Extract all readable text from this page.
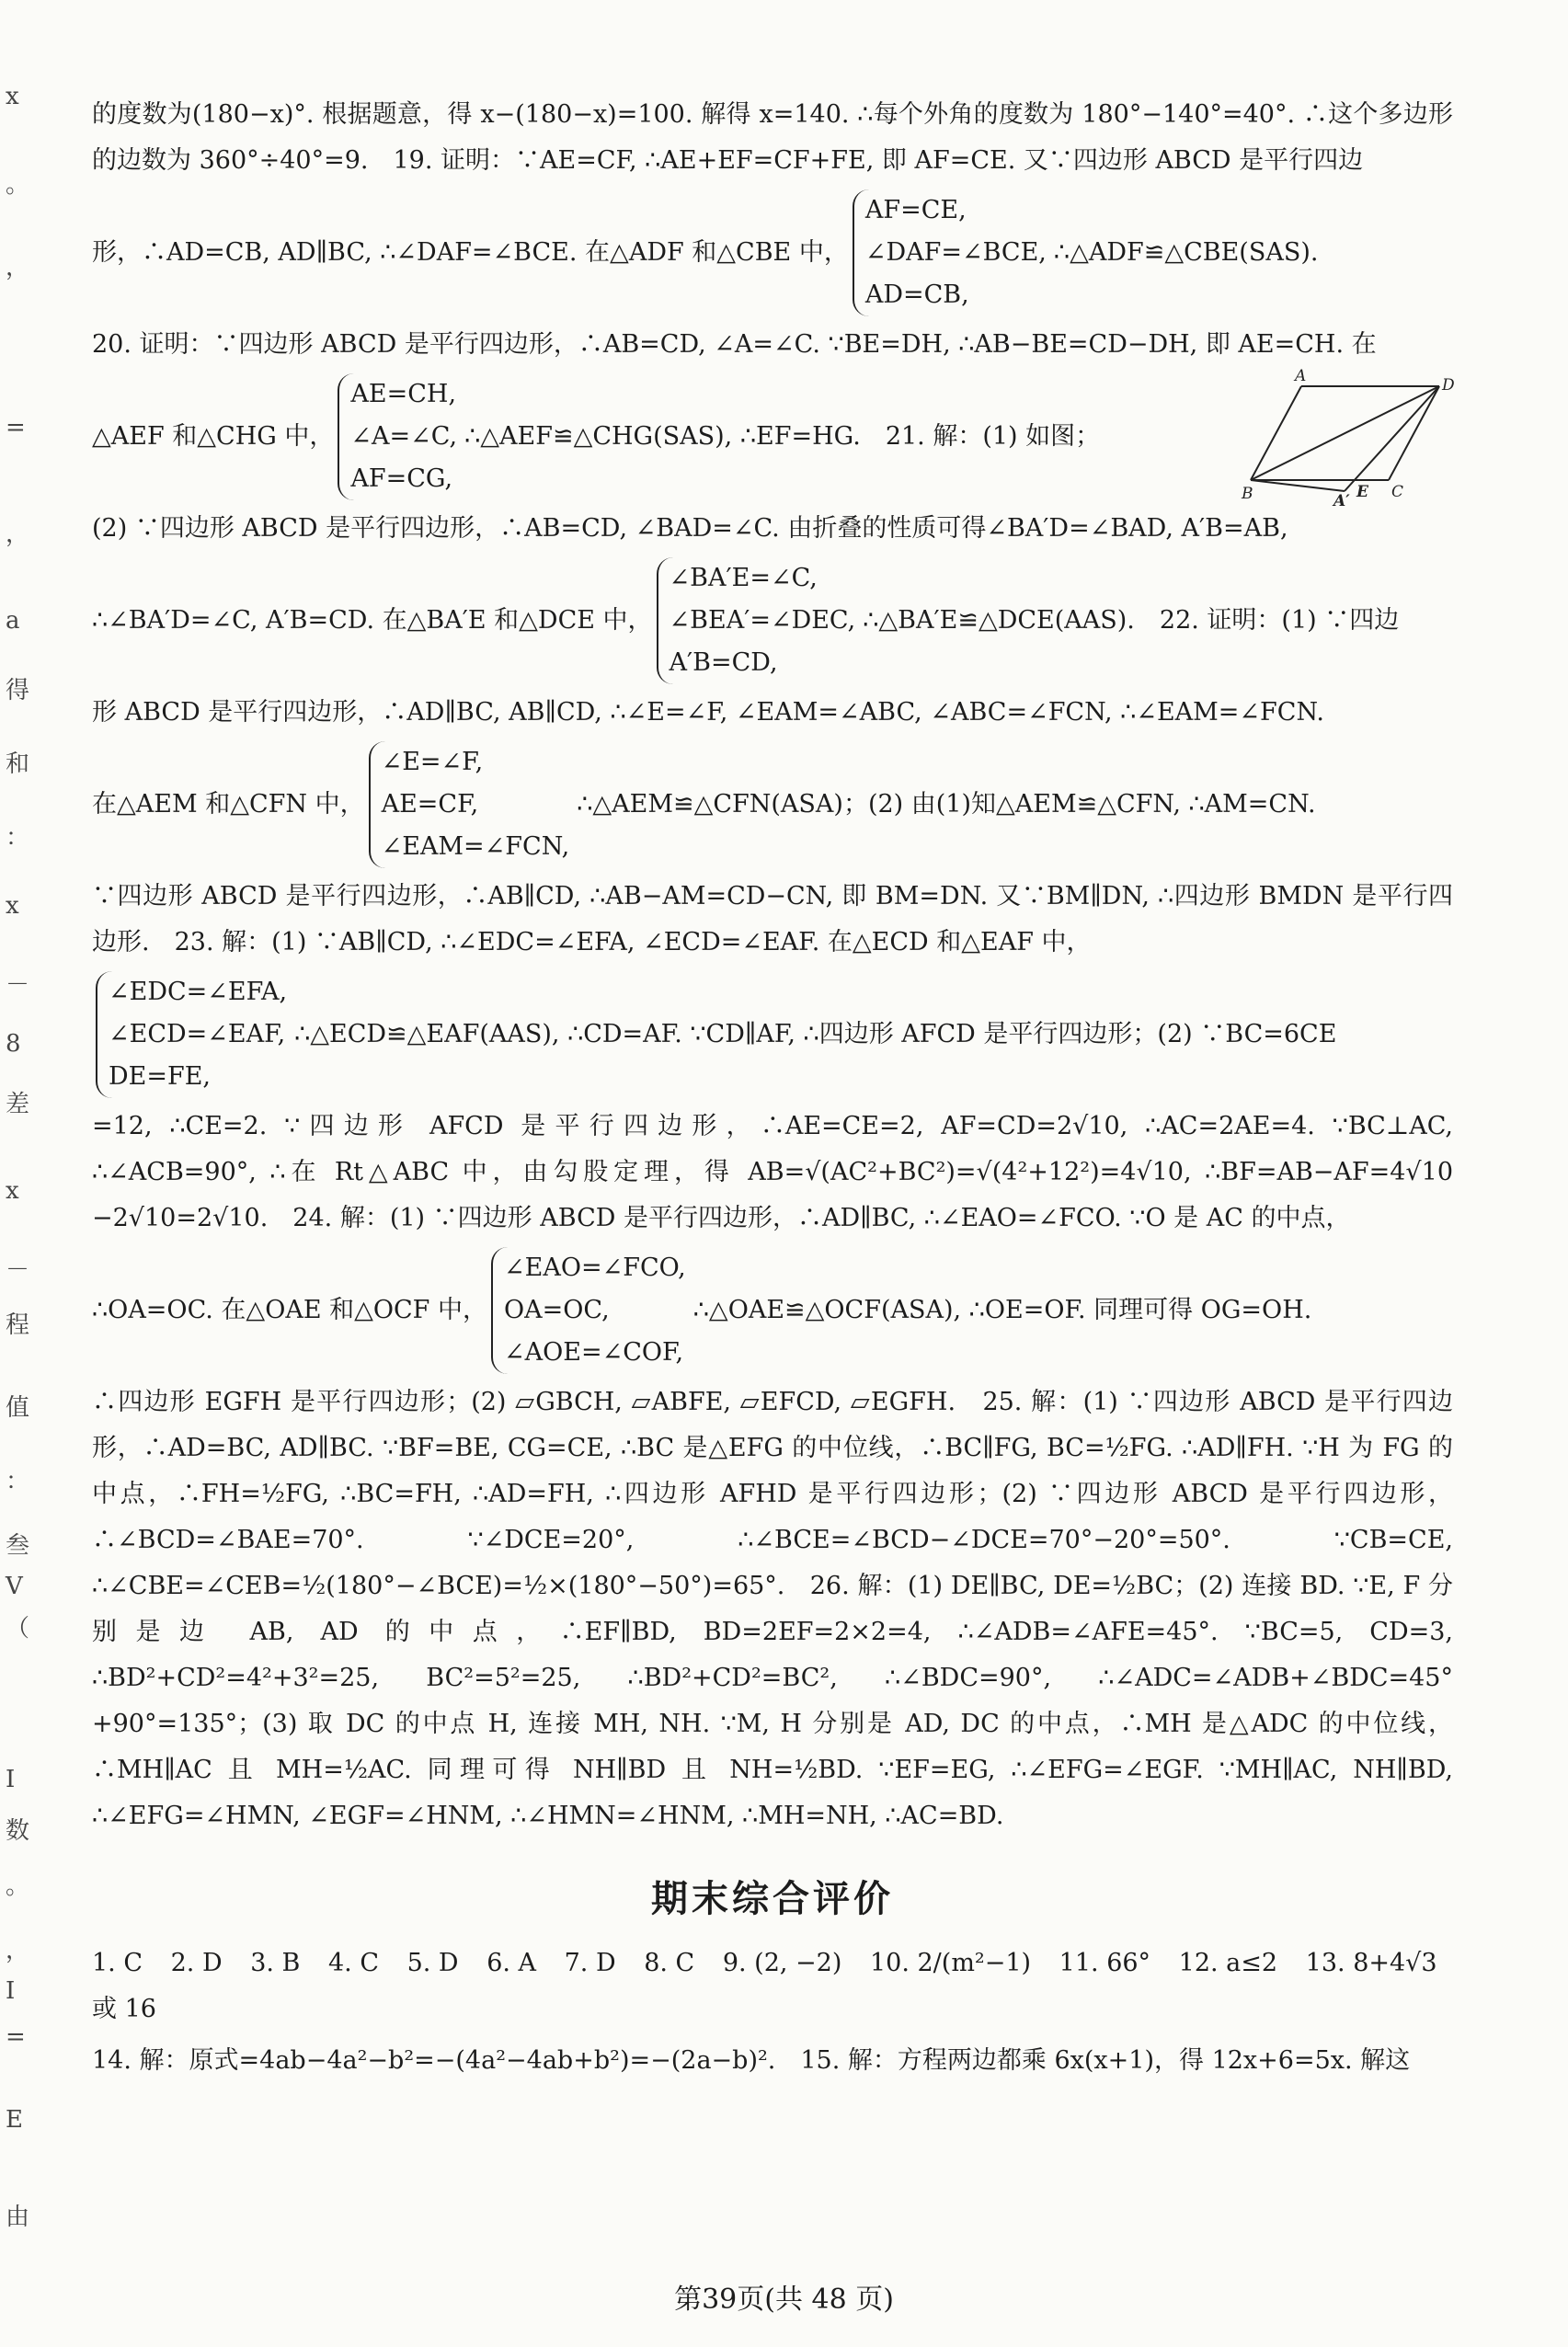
x
。
，
=
，
a
得
和
：
x
－
8
差
x
－
程
值
：
叁
V
（
I
数
。
，
I
=
E
由

的度数为(180−x)°. 根据题意，得 x−(180−x)=100. 解得 x=140. ∴每个外角的度数为 180°−140°=40°. ∴这个多边形的边数为 360°÷40°=9.　19. 证明：∵AE=CF, ∴AE+EF=CF+FE, 即 AF=CE. 又∵四边形 ABCD 是平行四边

形，∴AD=CB, AD∥BC, ∴∠DAF=∠BCE. 在△ADF 和△CBE 中，
AF=CE,
∠DAF=∠BCE,
AD=CB,
∴△ADF≌△CBE(SAS).

20. 证明：∵四边形 ABCD 是平行四边形，∴AB=CD, ∠A=∠C. ∵BE=DH, ∴AB−BE=CD−DH, 即 AE=CH. 在

△AEF 和△CHG 中，
AE=CH,
∠A=∠C,
AF=CG,
∴△AEF≌△CHG(SAS), ∴EF=HG.　21. 解：(1) 如图；
A	D
B	A′ E C

(2) ∵四边形 ABCD 是平行四边形，∴AB=CD, ∠BAD=∠C. 由折叠的性质可得∠BA′D=∠BAD, A′B=AB,

∴∠BA′D=∠C, A′B=CD. 在△BA′E 和△DCE 中，
∠BA′E=∠C,
∠BEA′=∠DEC,
A′B=CD,
∴△BA′E≌△DCE(AAS).　22. 证明：(1) ∵四边

形 ABCD 是平行四边形，∴AD∥BC, AB∥CD, ∴∠E=∠F, ∠EAM=∠ABC, ∠ABC=∠FCN, ∴∠EAM=∠FCN.

在△AEM 和△CFN 中，
∠E=∠F,
AE=CF,
∠EAM=∠FCN,
∴△AEM≌△CFN(ASA)；(2) 由(1)知△AEM≌△CFN, ∴AM=CN.

∵四边形 ABCD 是平行四边形，∴AB∥CD, ∴AB−AM=CD−CN, 即 BM=DN. 又∵BM∥DN, ∴四边形 BMDN 是平行四边形.　23. 解：(1) ∵AB∥CD, ∴∠EDC=∠EFA, ∠ECD=∠EAF. 在△ECD 和△EAF 中，

∠EDC=∠EFA,
∠ECD=∠EAF,
DE=FE,
∴△ECD≌△EAF(AAS), ∴CD=AF. ∵CD∥AF, ∴四边形 AFCD 是平行四边形；(2) ∵BC=6CE

=12, ∴CE=2. ∵四边形 AFCD 是平行四边形，∴AE=CE=2, AF=CD=2√10, ∴AC=2AE=4. ∵BC⊥AC, ∴∠ACB=90°, ∴在 Rt△ABC 中，由勾股定理，得 AB=√(AC²+BC²)=√(4²+12²)=4√10, ∴BF=AB−AF=4√10 −2√10=2√10.　24. 解：(1) ∵四边形 ABCD 是平行四边形，∴AD∥BC, ∴∠EAO=∠FCO. ∵O 是 AC 的中点，

∴OA=OC. 在△OAE 和△OCF 中，
∠EAO=∠FCO,
OA=OC,
∠AOE=∠COF,
∴△OAE≌△OCF(ASA), ∴OE=OF. 同理可得 OG=OH.

∴四边形 EGFH 是平行四边形；(2) ▱GBCH, ▱ABFE, ▱EFCD, ▱EGFH.　25. 解：(1) ∵四边形 ABCD 是平行四边形，∴AD=BC, AD∥BC. ∵BF=BE, CG=CE, ∴BC 是△EFG 的中位线，∴BC∥FG, BC=½FG. ∴AD∥FH. ∵H 为 FG 的中点，∴FH=½FG, ∴BC=FH, ∴AD=FH, ∴四边形 AFHD 是平行四边形；(2) ∵四边形 ABCD 是平行四边形，∴∠BCD=∠BAE=70°. ∵∠DCE=20°, ∴∠BCE=∠BCD−∠DCE=70°−20°=50°. ∵CB=CE, ∴∠CBE=∠CEB=½(180°−∠BCE)=½×(180°−50°)=65°.　26. 解：(1) DE∥BC, DE=½BC；(2) 连接 BD. ∵E, F 分别是边 AB, AD 的中点，∴EF∥BD, BD=2EF=2×2=4, ∴∠ADB=∠AFE=45°. ∵BC=5, CD=3, ∴BD²+CD²=4²+3²=25, BC²=5²=25, ∴BD²+CD²=BC², ∴∠BDC=90°, ∴∠ADC=∠ADB+∠BDC=45°+90°=135°；(3) 取 DC 的中点 H, 连接 MH, NH. ∵M, H 分别是 AD, DC 的中点，∴MH 是△ADC 的中位线，∴MH∥AC 且 MH=½AC. 同理可得 NH∥BD 且 NH=½BD. ∵EF=EG, ∴∠EFG=∠EGF. ∵MH∥AC, NH∥BD, ∴∠EFG=∠HMN, ∠EGF=∠HNM, ∴∠HMN=∠HNM, ∴MH=NH, ∴AC=BD.

期末综合评价
1. C 2. D 3. B 4. C 5. D 6. A 7. D 8. C 9. (2, −2) 10. 2/(m²−1) 11. 66° 12. a≤2 13. 8+4√3 或 16

14. 解：原式=4ab−4a²−b²=−(4a²−4ab+b²)=−(2a−b)².　15. 解：方程两边都乘 6x(x+1)，得 12x+6=5x. 解这

第39页(共 48 页)
